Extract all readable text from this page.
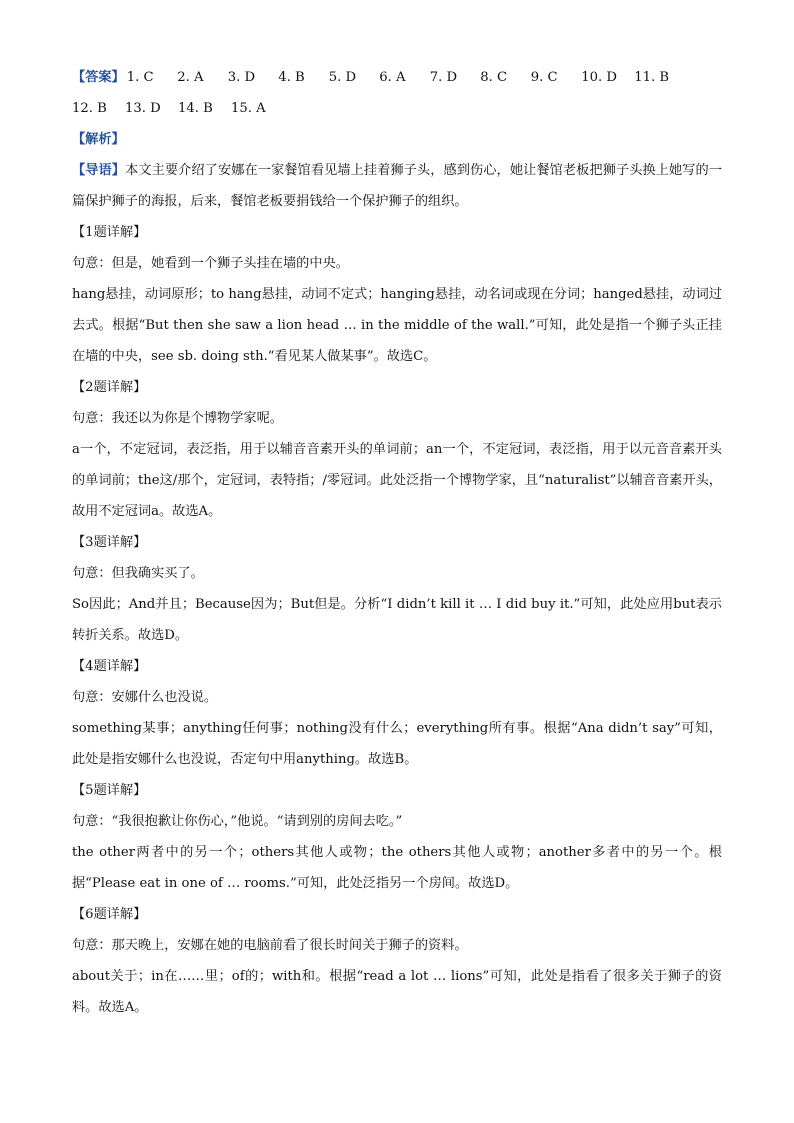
【答案】 1. C	2. A	3. D	4. B	5. D	6. A	7. D	8. C	9. C	10. D	11. B
12. B	13. D	14. B	15. A
【解析】
【导语】本文主要介绍了安娜在一家餐馆看见墙上挂着狮子头，感到伤心，她让餐馆老板把狮子头换上她写的一篇保护狮子的海报，后来，餐馆老板要捐钱给一个保护狮子的组织。
【1题详解】
句意：但是，她看到一个狮子头挂在墙的中央。
hang悬挂，动词原形；to hang悬挂，动词不定式；hanging悬挂，动名词或现在分词；hanged悬挂，动词过去式。根据“But then she saw a lion head … in the middle of the wall.”可知，此处是指一个狮子头正挂在墙的中央，see sb. doing sth.“看见某人做某事”。故选C。
【2题详解】
句意：我还以为你是个博物学家呢。
a一个，不定冠词，表泛指，用于以辅音音素开头的单词前；an一个，不定冠词，表泛指，用于以元音音素开头的单词前；the这/那个，定冠词，表特指；/零冠词。此处泛指一个博物学家，且“naturalist”以辅音音素开头，故用不定冠词a。故选A。
【3题详解】
句意：但我确实买了。
So因此；And并且；Because因为；But但是。分析“I didn’t kill it … I did buy it.”可知，此处应用but表示转折关系。故选D。
【4题详解】
句意：安娜什么也没说。
something某事；anything任何事；nothing没有什么；everything所有事。根据“Ana didn’t say”可知，此处是指安娜什么也没说，否定句中用anything。故选B。
【5题详解】
句意：“我很抱歉让你伤心，”他说。“请到别的房间去吃。”
the other两者中的另一个；others其他人或物；the others其他人或物；another多者中的另一个。根据“Please eat in one of … rooms.”可知，此处泛指另一个房间。故选D。
【6题详解】
句意：那天晚上，安娜在她的电脑前看了很长时间关于狮子的资料。
about关于；in在……里；of的；with和。根据“read a lot … lions”可知，此处是指看了很多关于狮子的资料。故选A。
